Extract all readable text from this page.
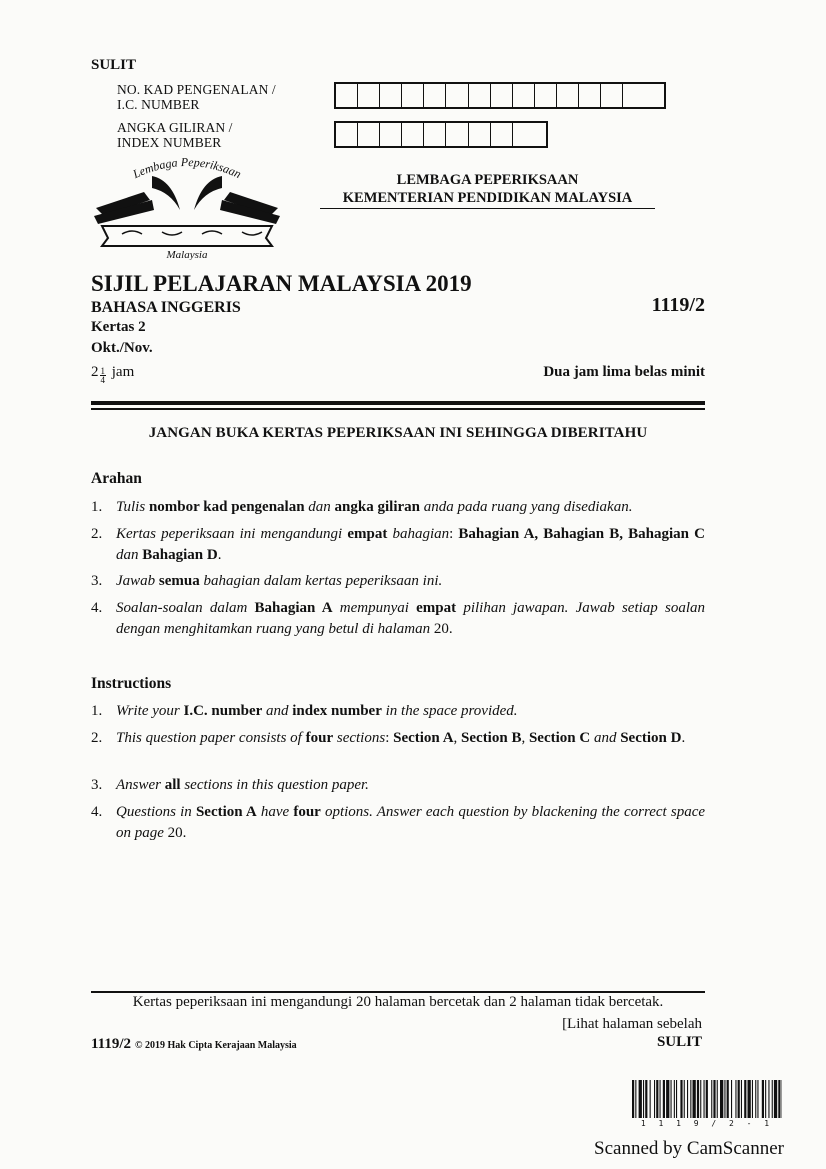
SULIT
NO. KAD PENGENALAN /
I.C. NUMBER
ANGKA GILIRAN /
INDEX NUMBER
Lembaga Peperiksaan
Malaysia
LEMBAGA PEPERIKSAAN
KEMENTERIAN PENDIDIKAN MALAYSIA
SIJIL PELAJARAN MALAYSIA 2019
BAHASA INGGERIS	1119/2
Kertas 2
Okt./Nov.
$2 \frac{1}{4}$ jam	Dua jam lima belas minit
JANGAN BUKA KERTAS PEPERIKSAAN INI SEHINGGA DIBERITAHU
Arahan
1. Tulis nombor kad pengenalan dan angka giliran anda pada ruang yang disediakan.
2. Kertas peperiksaan ini mengandungi empat bahagian: Bahagian A, Bahagian B, Bahagian C dan Bahagian D.
3. Jawab semua bahagian dalam kertas peperiksaan ini.
4. Soalan-soalan dalam Bahagian A mempunyai empat pilihan jawapan. Jawab setiap soalan dengan menghitamkan ruang yang betul di halaman 20.
Instructions
1. Write your I.C. number and index number in the space provided.
2. This question paper consists of four sections: Section A, Section B, Section C and Section D.
3. Answer all sections in this question paper.
4. Questions in Section A have four options. Answer each question by blackening the correct space on page 20.
Kertas peperiksaan ini mengandungi 20 halaman bercetak dan 2 halaman tidak bercetak.
[Lihat halaman sebelah
1119/2 © 2019 Hak Cipta Kerajaan Malaysia	SULIT
1 1 1 9 / 2 - 1
Scanned by CamScanner
